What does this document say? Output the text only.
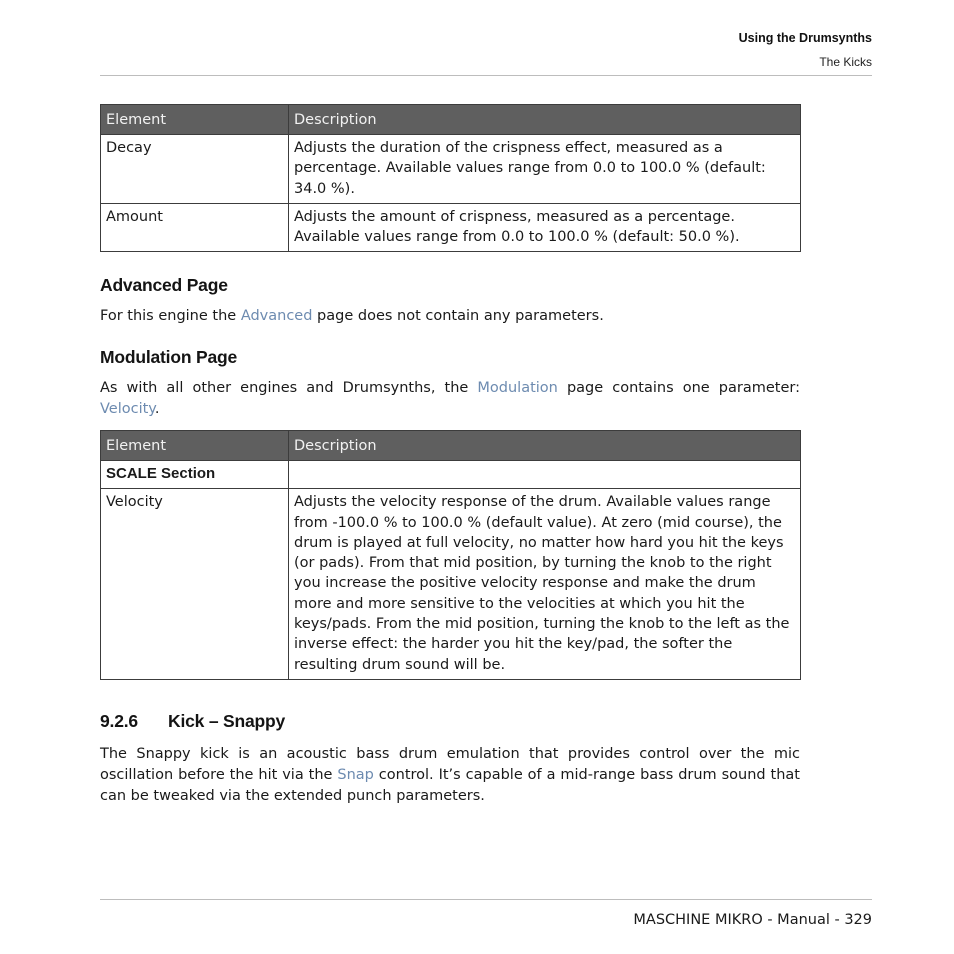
Using the Drumsynths
The Kicks
Element	Description
Decay	Adjusts the duration of the crispness effect, measured as a percentage. Available values range from 0.0 to 100.0 % (default: 34.0 %).
Amount	Adjusts the amount of crispness, measured as a percentage. Available values range from 0.0 to 100.0 % (default: 50.0 %).
Advanced Page

For this engine the Advanced page does not contain any parameters.

Modulation Page

As with all other engines and Drumsynths, the Modulation page contains one parameter: Velocity.

Element	Description
SCALE Section	
Velocity	Adjusts the velocity response of the drum. Available values range from -100.0 % to 100.0 % (default value). At zero (mid course), the drum is played at full velocity, no matter how hard you hit the keys (or pads). From that mid position, by turning the knob to the right you increase the positive velocity response and make the drum more and more sensitive to the velocities at which you hit the keys/pads. From the mid position, turning the knob to the left as the inverse effect: the harder you hit the key/pad, the softer the resulting drum sound will be.
9.2.6 Kick – Snappy

The Snappy kick is an acoustic bass drum emulation that provides control over the mic oscillation before the hit via the Snap control. It’s capable of a mid-range bass drum sound that can be tweaked via the extended punch parameters.

MASCHINE MIKRO - Manual - 329
